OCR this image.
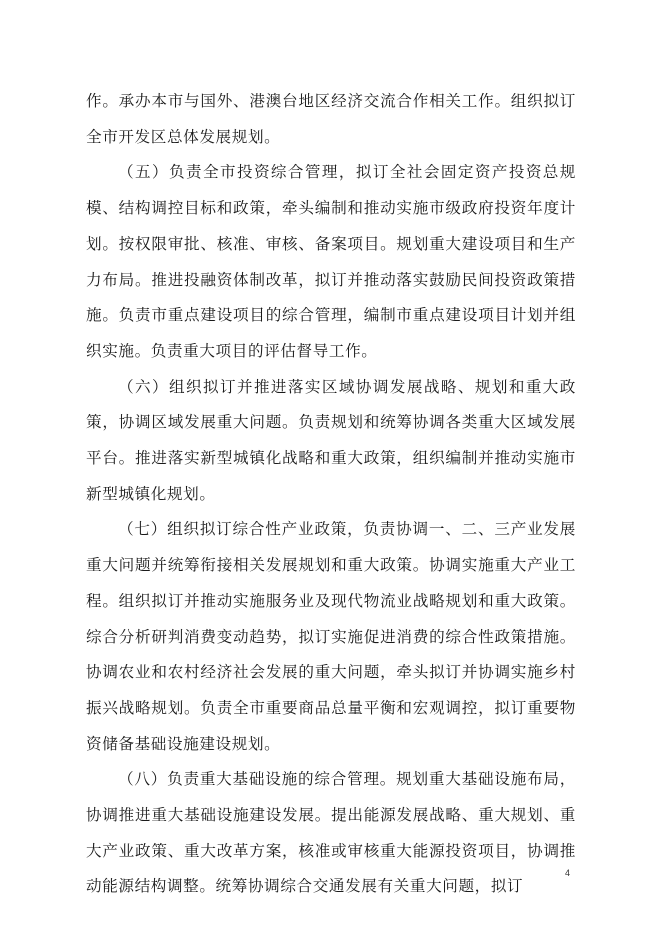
作。承办本市与国外、港澳台地区经济交流合作相关工作。组织拟订全市开发区总体发展规划。

（五）负责全市投资综合管理，拟订全社会固定资产投资总规模、结构调控目标和政策，牵头编制和推动实施市级政府投资年度计划。按权限审批、核准、审核、备案项目。规划重大建设项目和生产力布局。推进投融资体制改革，拟订并推动落实鼓励民间投资政策措施。负责市重点建设项目的综合管理，编制市重点建设项目计划并组织实施。负责重大项目的评估督导工作。

（六）组织拟订并推进落实区域协调发展战略、规划和重大政策，协调区域发展重大问题。负责规划和统筹协调各类重大区域发展平台。推进落实新型城镇化战略和重大政策，组织编制并推动实施市新型城镇化规划。

（七）组织拟订综合性产业政策，负责协调一、二、三产业发展重大问题并统筹衔接相关发展规划和重大政策。协调实施重大产业工程。组织拟订并推动实施服务业及现代物流业战略规划和重大政策。综合分析研判消费变动趋势，拟订实施促进消费的综合性政策措施。协调农业和农村经济社会发展的重大问题，牵头拟订并协调实施乡村振兴战略规划。负责全市重要商品总量平衡和宏观调控，拟订重要物资储备基础设施建设规划。

（八）负责重大基础设施的综合管理。规划重大基础设施布局，协调推进重大基础设施建设发展。提出能源发展战略、重大规划、重大产业政策、重大改革方案，核准或审核重大能源投资项目，协调推动能源结构调整。统筹协调综合交通发展有关重大问题，拟订

4
